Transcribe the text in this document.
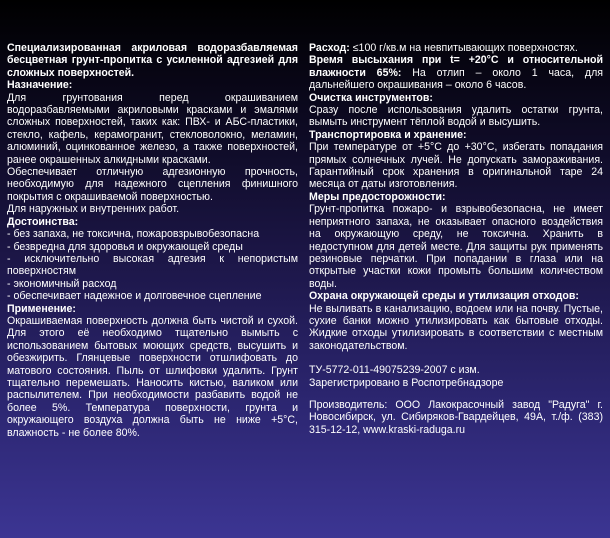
Специализированная акриловая водоразбавляемая бесцветная грунт-пропитка с усиленной адгезией для сложных поверхностей.
Назначение:
Для грунтования перед окрашиванием водоразбавляемыми акриловыми красками и эмалями сложных поверхностей, таких как: ПВХ- и АБС-пластики, стекло, кафель, керамогранит, стекловолокно, меламин, алюминий, оцинкованное железо, а также поверхностей, ранее окрашенных алкидными красками.
Обеспечивает отличную адгезионную прочность, необходимую для надежного сцепления финишного покрытия с окрашиваемой поверхностью.
Для наружных и внутренних работ.
Достоинства:
- без запаха, не токсична, пожаровзрывобезопасна
- безвредна для здоровья и окружающей среды
- исключительно высокая адгезия к непористым поверхностям
- экономичный расход
- обеспечивает надежное и долговечное сцепление
Применение:
Окрашиваемая поверхность должна быть чистой и сухой. Для этого её необходимо тщательно вымыть с использованием бытовых моющих средств, высушить и обезжирить. Глянцевые поверхности отшлифовать до матового состояния. Пыль от шлифовки удалить. Грунт тщательно перемешать. Наносить кистью, валиком или распылителем. При необходимости разбавить водой не более 5%. Температура поверхности, грунта и окружающего воздуха должна быть не ниже +5°С, влажность - не более 80%.
Расход: ≤100 г/кв.м на невпитывающих поверхностях.
Время высыхания при t= +20°С и относительной влажности 65%: На отлип – около 1 часа, для дальнейшего окрашивания – около 6 часов.
Очистка инструментов:
Сразу после использования удалить остатки грунта, вымыть инструмент тёплой водой и высушить.
Транспортировка и хранение:
При температуре от +5°С до +30°С, избегать попадания прямых солнечных лучей. Не допускать замораживания. Гарантийный срок хранения в оригинальной таре 24 месяца от даты изготовления.
Меры предосторожности:
Грунт-пропитка пожаро- и взрывобезопасна, не имеет неприятного запаха, не оказывает опасного воздействия на окружающую среду, не токсична. Хранить в недоступном для детей месте. Для защиты рук применять резиновые перчатки. При попадании в глаза или на открытые участки кожи промыть большим количеством воды.
Охрана окружающей среды и утилизация отходов:
Не выливать в канализацию, водоем или на почву. Пустые, сухие банки можно утилизировать как бытовые отходы. Жидкие отходы утилизировать в соответствии с местным законодательством.
ТУ-5772-011-49075239-2007 с изм.
Зарегистрировано в Роспотребнадзоре
Производитель: ООО Лакокрасочный завод "Радуга" г. Новосибирск, ул. Сибиряков-Гвардейцев, 49А, т./ф. (383) 315-12-12, www.kraski-raduga.ru
